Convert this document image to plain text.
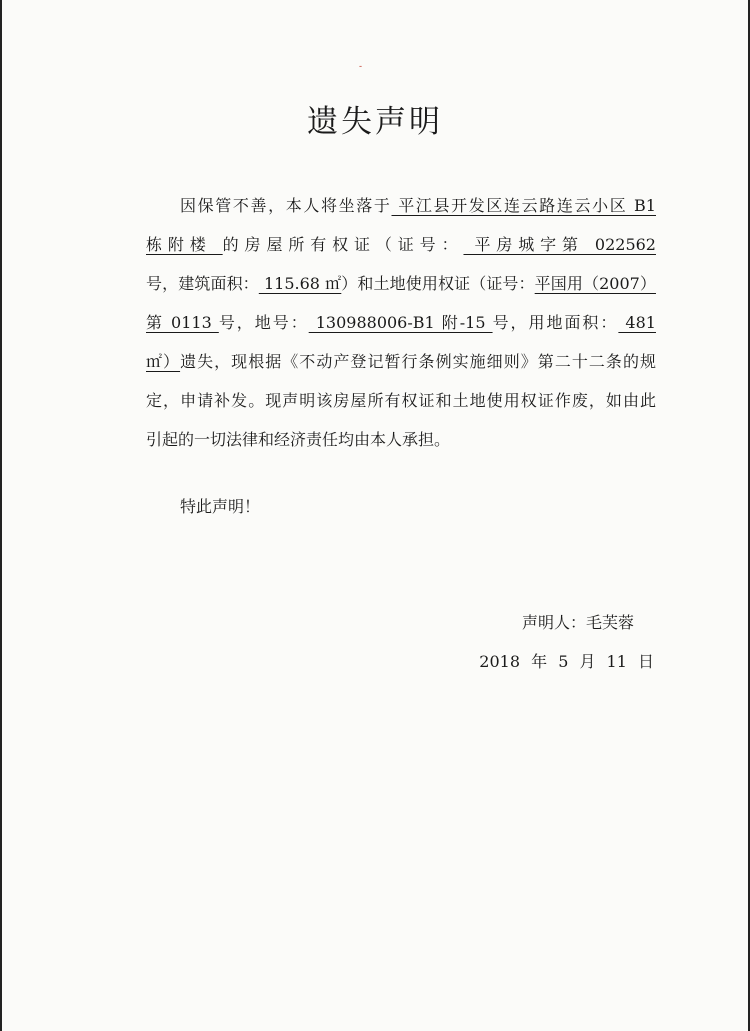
-
遗失声明
因保管不善，本人将坐落于 平江县开发区连云路连云小区 B1
栋附楼 的房屋所有权证（证号： 平房城字第 022562
号，建筑面积： 115.68 ㎡）和土地使用权证（证号：平国用（2007）
第 0113 号，地号： 130988006-B1 附-15 号，用地面积： 481
㎡）遗失，现根据《不动产登记暂行条例实施细则》第二十二条的规
定，申请补发。现声明该房屋所有权证和土地使用权证作废，如由此
引起的一切法律和经济责任均由本人承担。
特此声明！
声明人：毛芙蓉
2018 年 5 月 11 日
